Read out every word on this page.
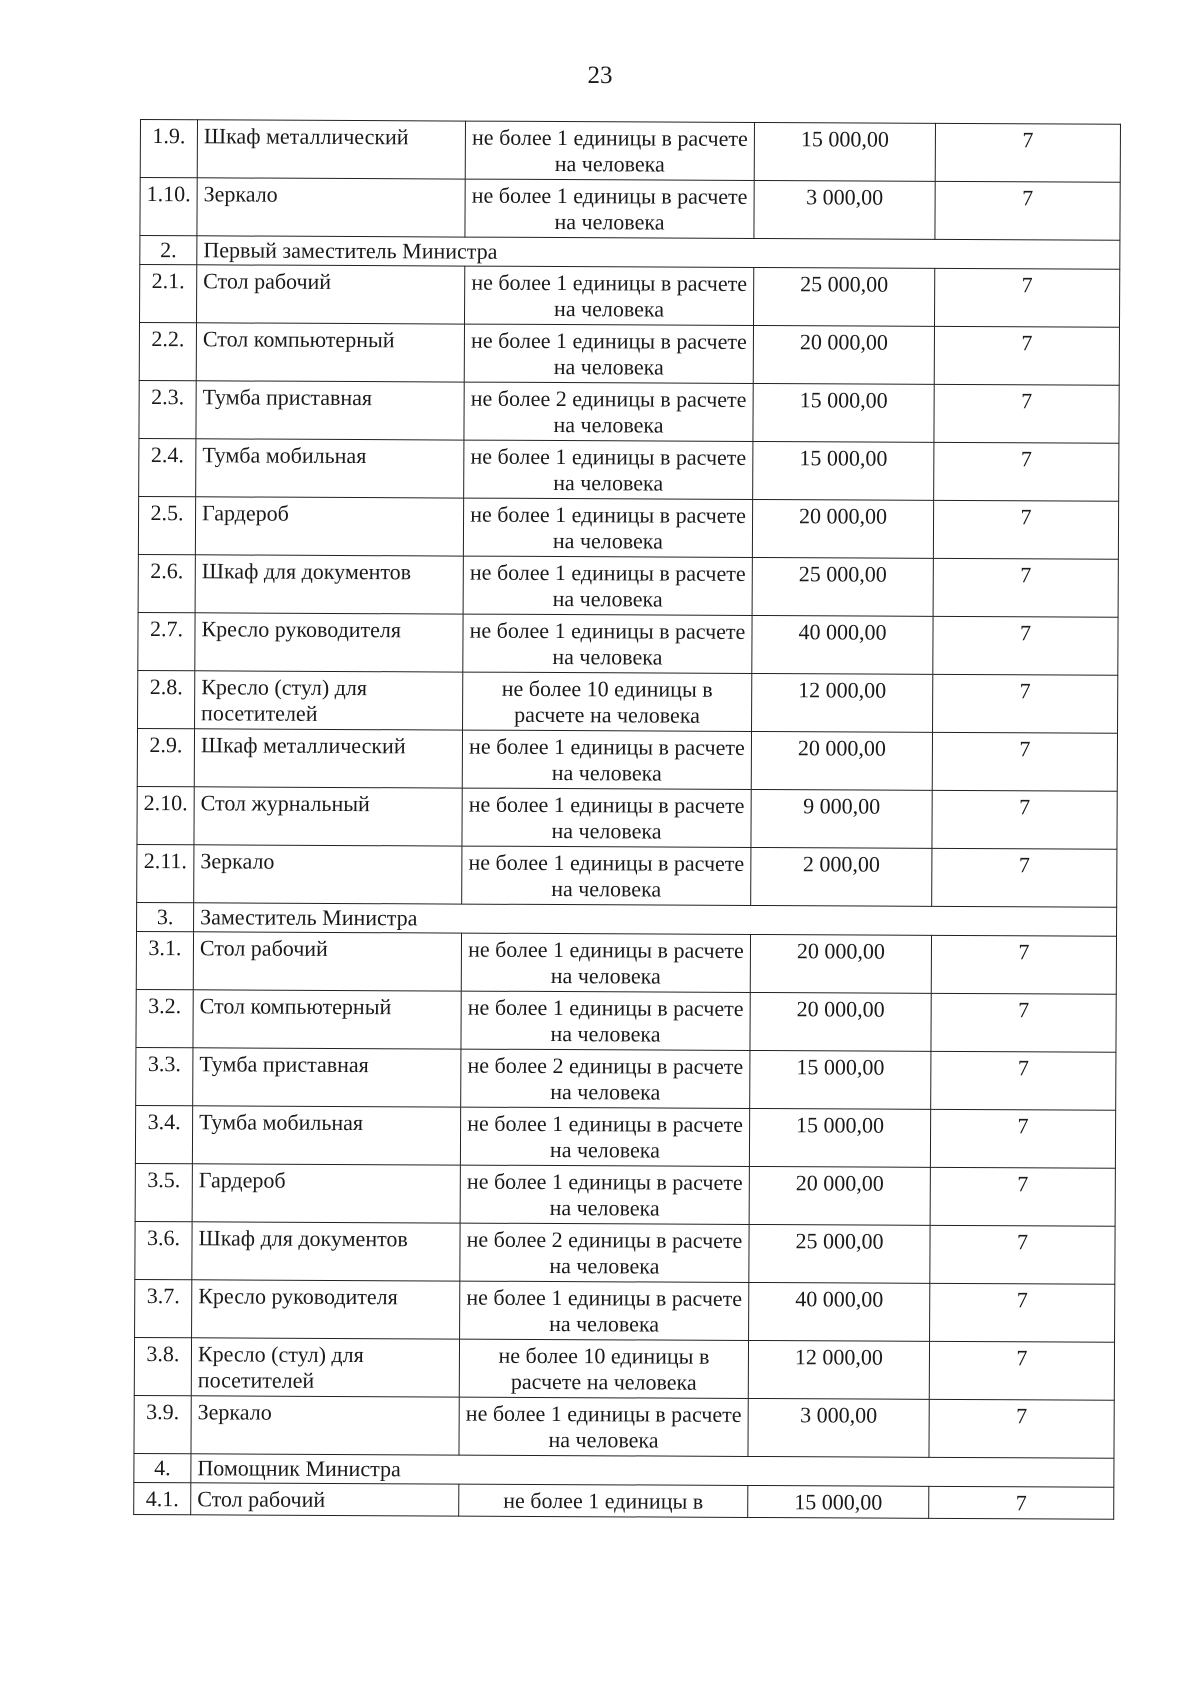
23
1.9.	Шкаф металлический	не более 1 единицы в расчете на человека	15 000,00	7
1.10.	Зеркало	не более 1 единицы в расчете на человека	3 000,00	7
2.	Первый заместитель Министра			
2.1.	Стол рабочий	не более 1 единицы в расчете на человека	25 000,00	7
2.2.	Стол компьютерный	не более 1 единицы в расчете на человека	20 000,00	7
2.3.	Тумба приставная	не более 2 единицы в расчете на человека	15 000,00	7
2.4.	Тумба мобильная	не более 1 единицы в расчете на человека	15 000,00	7
2.5.	Гардероб	не более 1 единицы в расчете на человека	20 000,00	7
2.6.	Шкаф для документов	не более 1 единицы в расчете на человека	25 000,00	7
2.7.	Кресло руководителя	не более 1 единицы в расчете на человека	40 000,00	7
2.8.	Кресло (стул) для посетителей	не более 10 единицы в расчете на человека	12 000,00	7
2.9.	Шкаф металлический	не более 1 единицы в расчете на человека	20 000,00	7
2.10.	Стол журнальный	не более 1 единицы в расчете на человека	9 000,00	7
2.11.	Зеркало	не более 1 единицы в расчете на человека	2 000,00	7
3.	Заместитель Министра			
3.1.	Стол рабочий	не более 1 единицы в расчете на человека	20 000,00	7
3.2.	Стол компьютерный	не более 1 единицы в расчете на человека	20 000,00	7
3.3.	Тумба приставная	не более 2 единицы в расчете на человека	15 000,00	7
3.4.	Тумба мобильная	не более 1 единицы в расчете на человека	15 000,00	7
3.5.	Гардероб	не более 1 единицы в расчете на человека	20 000,00	7
3.6.	Шкаф для документов	не более 2 единицы в расчете на человека	25 000,00	7
3.7.	Кресло руководителя	не более 1 единицы в расчете на человека	40 000,00	7
3.8.	Кресло (стул) для посетителей	не более 10 единицы в расчете на человека	12 000,00	7
3.9.	Зеркало	не более 1 единицы в расчете на человека	3 000,00	7
4.	Помощник Министра			
4.1.	Стол рабочий	не более 1 единицы в	15 000,00	7
